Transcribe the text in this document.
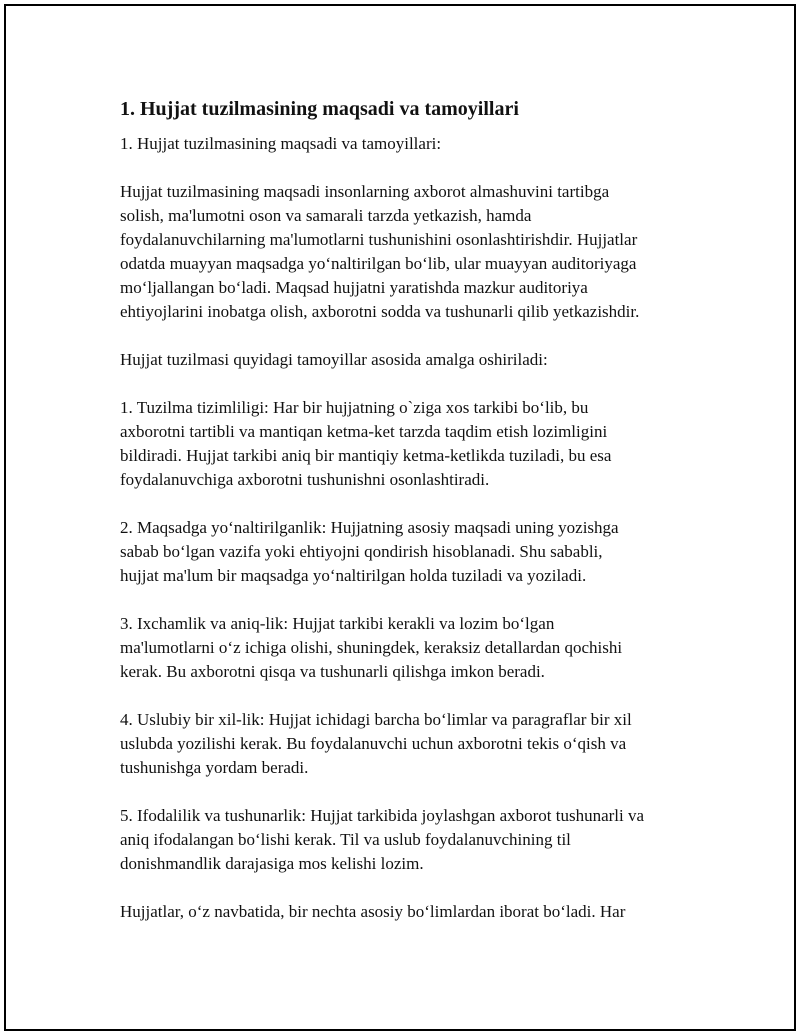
1. Hujjat tuzilmasining maqsadi va tamoyillari

1. Hujjat tuzilmasining maqsadi va tamoyillari:

Hujjat tuzilmasining maqsadi insonlarning axborot almashuvini tartibga
solish, ma'lumotni oson va samarali tarzda yetkazish, hamda
foydalanuvchilarning ma'lumotlarni tushunishini osonlashtirishdir. Hujjatlar
odatda muayyan maqsadga yo‘naltirilgan bo‘lib, ular muayyan auditoriyaga
mo‘ljallangan bo‘ladi. Maqsad hujjatni yaratishda mazkur auditoriya
ehtiyojlarini inobatga olish, axborotni sodda va tushunarli qilib yetkazishdir.

Hujjat tuzilmasi quyidagi tamoyillar asosida amalga oshiriladi:

1. Tuzilma tizimliligi: Har bir hujjatning o`ziga xos tarkibi bo‘lib, bu
axborotni tartibli va mantiqan ketma-ket tarzda taqdim etish lozimligini
bildiradi. Hujjat tarkibi aniq bir mantiqiy ketma-ketlikda tuziladi, bu esa
foydalanuvchiga axborotni tushunishni osonlashtiradi.

2. Maqsadga yo‘naltirilganlik: Hujjatning asosiy maqsadi uning yozishga
sabab bo‘lgan vazifa yoki ehtiyojni qondirish hisoblanadi. Shu sababli,
hujjat ma'lum bir maqsadga yo‘naltirilgan holda tuziladi va yoziladi.

3. Ixchamlik va aniq-lik: Hujjat tarkibi kerakli va lozim bo‘lgan
ma'lumotlarni o‘z ichiga olishi, shuningdek, keraksiz detallardan qochishi
kerak. Bu axborotni qisqa va tushunarli qilishga imkon beradi.

4. Uslubiy bir xil-lik: Hujjat ichidagi barcha bo‘limlar va paragraflar bir xil
uslubda yozilishi kerak. Bu foydalanuvchi uchun axborotni tekis o‘qish va
tushunishga yordam beradi.

5. Ifodalilik va tushunarlik: Hujjat tarkibida joylashgan axborot tushunarli va
aniq ifodalangan bo‘lishi kerak. Til va uslub foydalanuvchining til
donishmandlik darajasiga mos kelishi lozim.

Hujjatlar, o‘z navbatida, bir nechta asosiy bo‘limlardan iborat bo‘ladi. Har
